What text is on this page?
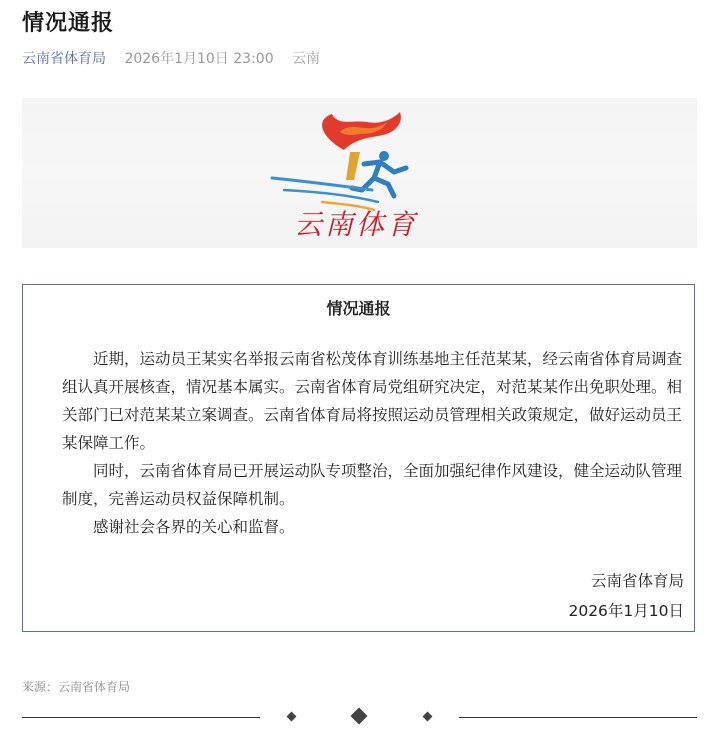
情况通报
云南省体育局 2026年1月10日 23:00 云南
云南体育
情况通报

近期，运动员王某实名举报云南省松茂体育训练基地主任范某某，经云南省体育局调查组认真开展核查，情况基本属实。云南省体育局党组研究决定，对范某某作出免职处理。相关部门已对范某某立案调查。云南省体育局将按照运动员管理相关政策规定，做好运动员王某保障工作。

同时，云南省体育局已开展运动队专项整治，全面加强纪律作风建设，健全运动队管理制度，完善运动员权益保障机制。

感谢社会各界的关心和监督。

云南省体育局
2026年1月10日
来源：云南省体育局
